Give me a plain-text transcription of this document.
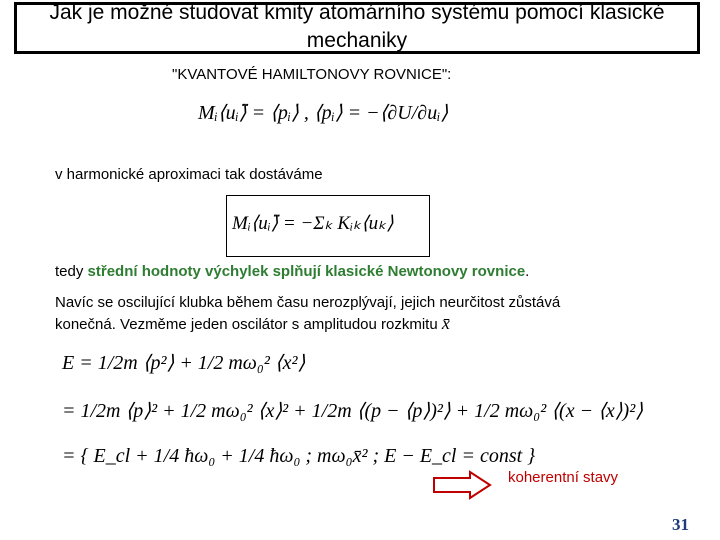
Jak je možné studovat kmity atomárního systému pomocí klasické mechaniky
"KVANTOVÉ HAMILTONOVY ROVNICE":
Mᵢ⟨uᵢ⟩̈ = ⟨pᵢ⟩̇ , ⟨pᵢ⟩̇ = −⟨∂U/∂uᵢ⟩
v harmonické aproximaci tak dostáváme
Mᵢ⟨uᵢ⟩̈ = −Σₖ Kᵢₖ⟨uₖ⟩
tedy střední hodnoty výchylek splňují klasické Newtonovy rovnice.
Navíc se oscilující klubka během času nerozplývají, jejich neurčitost zůstává konečná. Vezměme jeden oscilátor s amplitudou rozkmitu x̄
E = 1/2m ⟨p²⟩ + 1/2 mω₀² ⟨x²⟩
= 1/2m ⟨p⟩² + 1/2 mω₀² ⟨x⟩² + 1/2m ⟨(p − ⟨p⟩)²⟩ + 1/2 mω₀² ⟨(x − ⟨x⟩)²⟩
= { E_cl + 1/4 ħω₀ + 1/4 ħω₀ ; mω₀x̄² ; E − E_cl = const }
koherentní stavy
31
